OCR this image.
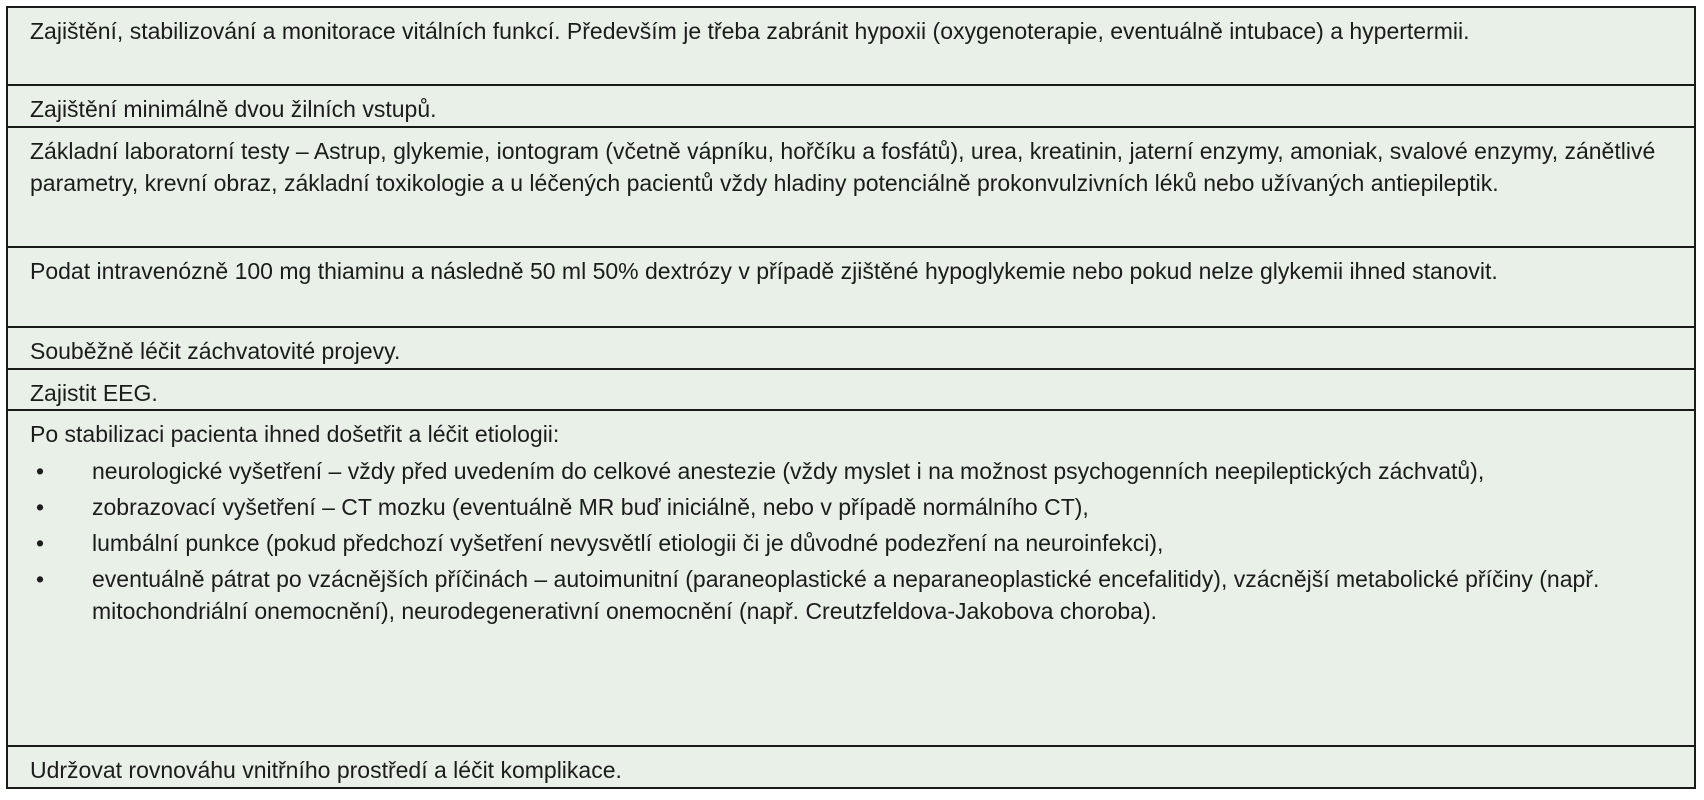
Zajištění, stabilizování a monitorace vitálních funkcí. Především je třeba zabránit hypoxii (oxygenoterapie, eventuálně intubace) a hypertermii.
Zajištění minimálně dvou žilních vstupů.
Základní laboratorní testy – Astrup, glykemie, iontogram (včetně vápníku, hořčíku a fosfátů), urea, kreatinin, jaterní enzymy, amoniak, svalové enzymy, zánětlivé parametry, krevní obraz, základní toxikologie a u léčených pacientů vždy hladiny potenciálně prokonvulzivních léků nebo užívaných antiepileptik.
Podat intravenózně 100 mg thiaminu a následně 50 ml 50% dextrózy v případě zjištěné hypoglykemie nebo pokud nelze glykemii ihned stanovit.
Souběžně léčit záchvatovité projevy.
Zajistit EEG.
Po stabilizaci pacienta ihned došetřit a léčit etiologii:
• neurologické vyšetření – vždy před uvedením do celkové anestezie (vždy myslet i na možnost psychogenních neepileptických záchvatů),
• zobrazovací vyšetření – CT mozku (eventuálně MR buď iniciálně, nebo v případě normálního CT),
• lumbální punkce (pokud předchozí vyšetření nevysvětlí etiologii či je důvodné podezření na neuroinfekci),
• eventuálně pátrat po vzácnějších příčinách – autoimunitní (paraneoplastické a neparaneoplastické encefalitidy), vzácnější metabolické příčiny (např. mitochondriální onemocnění), neurodegenerativní onemocnění (např. Creutzfeldova-Jakobova choroba).
Udržovat rovnováhu vnitřního prostředí a léčit komplikace.
